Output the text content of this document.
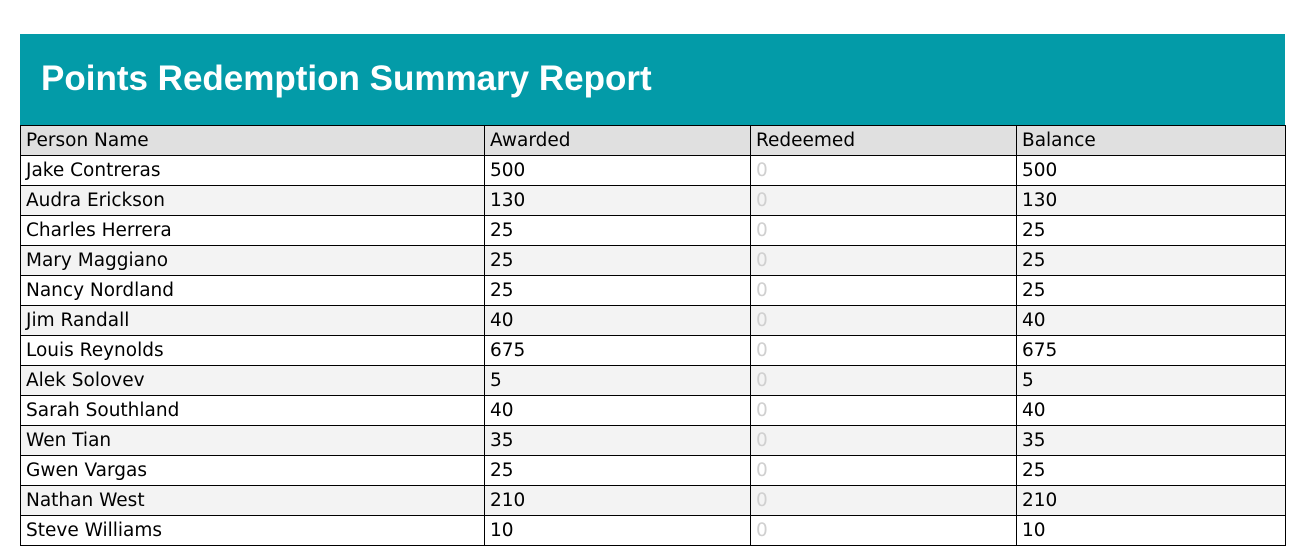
Points Redemption Summary Report
Person Name	Awarded	Redeemed	Balance
Jake Contreras	500	0	500
Audra Erickson	130	0	130
Charles Herrera	25	0	25
Mary Maggiano	25	0	25
Nancy Nordland	25	0	25
Jim Randall	40	0	40
Louis Reynolds	675	0	675
Alek Solovev	5	0	5
Sarah Southland	40	0	40
Wen Tian	35	0	35
Gwen Vargas	25	0	25
Nathan West	210	0	210
Steve Williams	10	0	10
